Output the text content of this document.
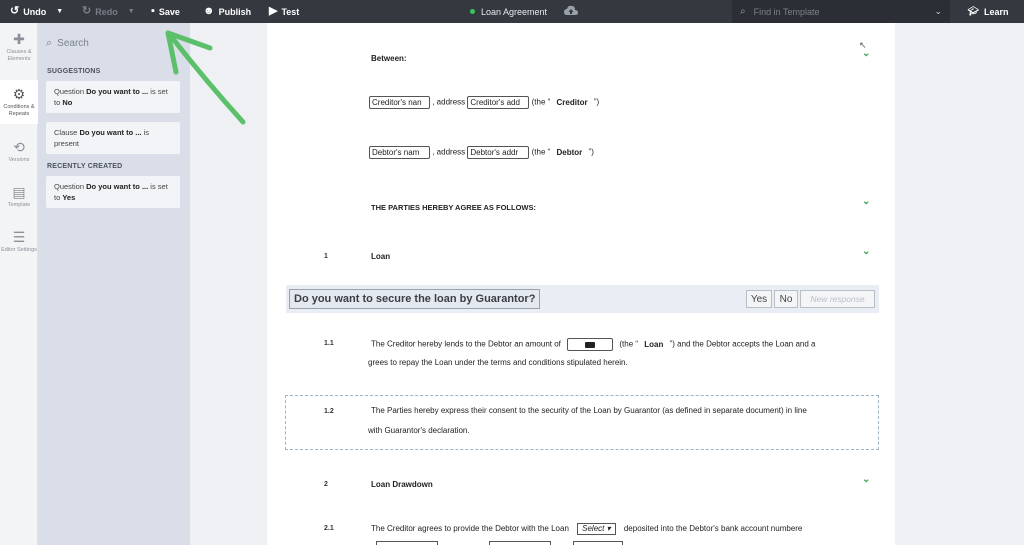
↺ Undo ▼ ↻ Redo ▼ ▪ Save ☻ Publish ▶ Test	Loan Agreement	⌕ Find in Template	⌄	🎓︎ Learn
✚
Clauses & Elements
⚙
Conditions & Repeats
⟲
Versions
▤
Template
☰
Editor Settings
⌕ Search
SUGGESTIONS
Question Do you want to ... is set to No
Clause Do you want to ... is present
RECENTLY CREATED
Question Do you want to ... is set to Yes
Between:	⌄
↖
Creditor's nan , address Creditor's add (the “ Creditor ”)
Debtor's nam , address Debtor's addr (the “ Debtor ”)
THE PARTIES HEREBY AGREE AS FOLLOWS:
⌄
1	Loan	⌄
Do you want to secure the loan by Guarantor?	Yes	No	New response
1.1	The Creditor hereby lends to the Debtor an amount of	(the “ Loan ”) and the Debtor accepts the Loan and a
grees to repay the Loan under the terms and conditions stipulated herein.
1.2	The Parties hereby express their consent to the security of the Loan by Guarantor (as defined in separate document) in line
with Guarantor's declaration.
2	Loan Drawdown	⌄
2.1	The Creditor agrees to provide the Debtor with the Loan Select ▾ deposited into the Debtor's bank account numbere
